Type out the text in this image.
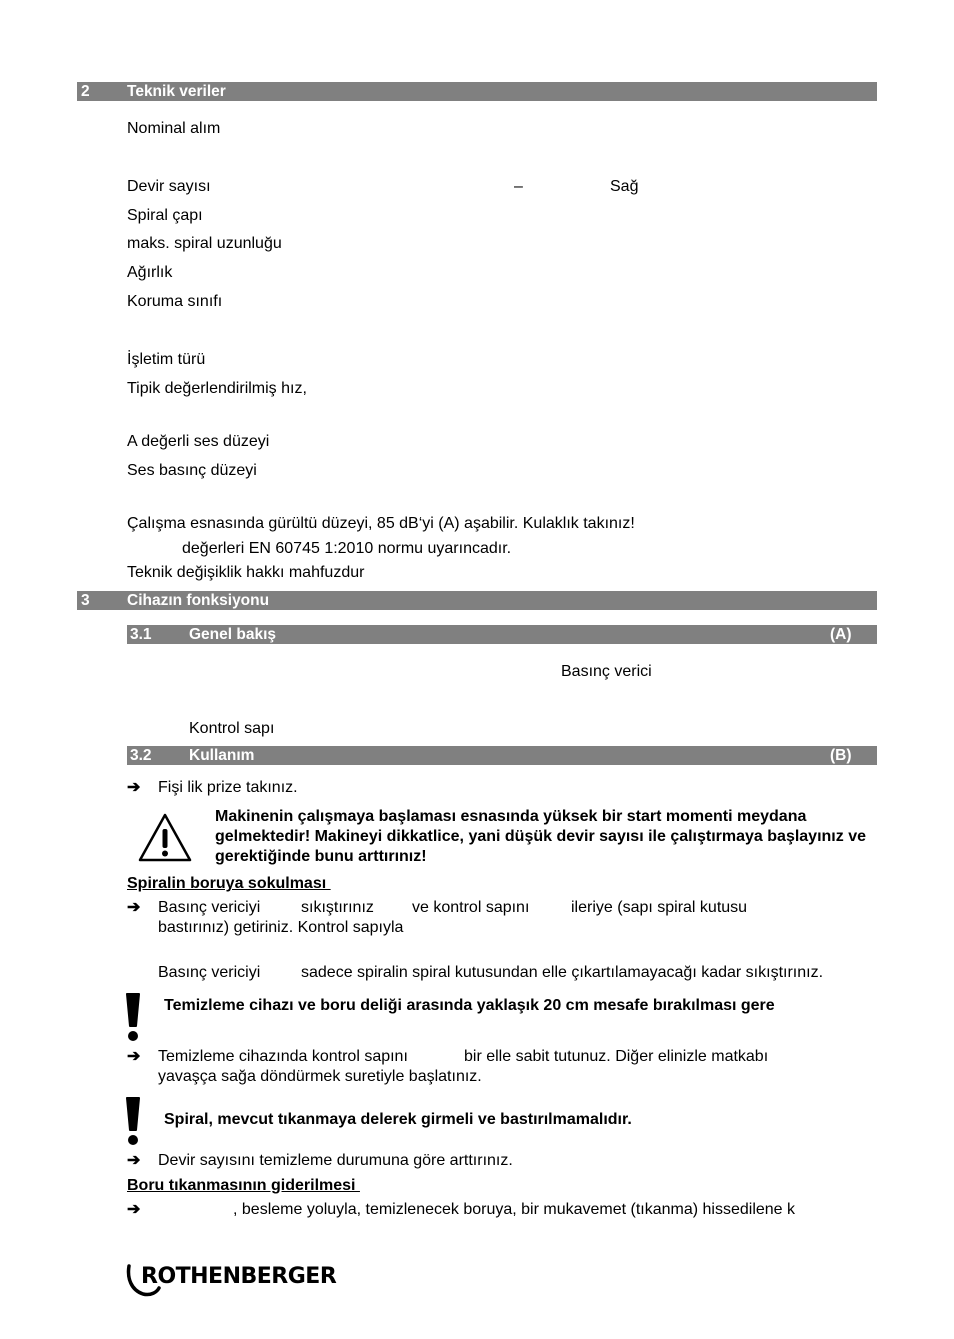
2 Teknik veriler
Nominal alım
Devir sayısı	–	Sağ
Spiral çapı
maks. spiral uzunluğu
Ağırlık
Koruma sınıfı
İşletim türü
Tipik değerlendirilmiş hız,
A değerli ses düzeyi
Ses basınç düzeyi
Çalışma esnasında gürültü düzeyi, 85 dB‘yi (A) aşabilir. Kulaklık takınız!
değerleri EN 60745 1:2010 normu uyarıncadır.
Teknik değişiklik hakkı mahfuzdur
3 Cihazın fonksiyonu
3.1 Genel bakış	(A)
Basınç verici
Kontrol sapı
3.2 Kullanım	(B)
➔ Fişi lik prize takınız.
Makinenin çalışmaya başlaması esnasında yüksek bir start momenti meydana gelmektedir! Makineyi dikkatlice, yani düşük devir sayısı ile çalıştırmaya başlayınız ve gerektiğinde bunu arttırınız!
Spiralin boruya sokulması
➔ Basınç vericiyi	sıkıştırınız ve kontrol sapını	ileriye (sapı spiral kutusu
bastırınız) getiriniz. Kontrol sapıyla
Basınç vericiyi	sadece spiralin spiral kutusundan elle çıkartılamayacağı kadar sıkıştırınız.
Temizleme cihazı ve boru deliği arasında yaklaşık 20 cm mesafe bırakılması gere
➔ Temizleme cihazında kontrol sapını	bir elle sabit tutunuz. Diğer elinizle matkabı
yavaşça sağa döndürmek suretiyle başlatınız.
Spiral, mevcut tıkanmaya delerek girmeli ve bastırılmamalıdır.
➔ Devir sayısını temizleme durumuna göre arttırınız.
Boru tıkanmasının giderilmesi
➔	, besleme yoluyla, temizlenecek boruya, bir mukavemet (tıkanma) hissedilene k
ROTHENBERGER
